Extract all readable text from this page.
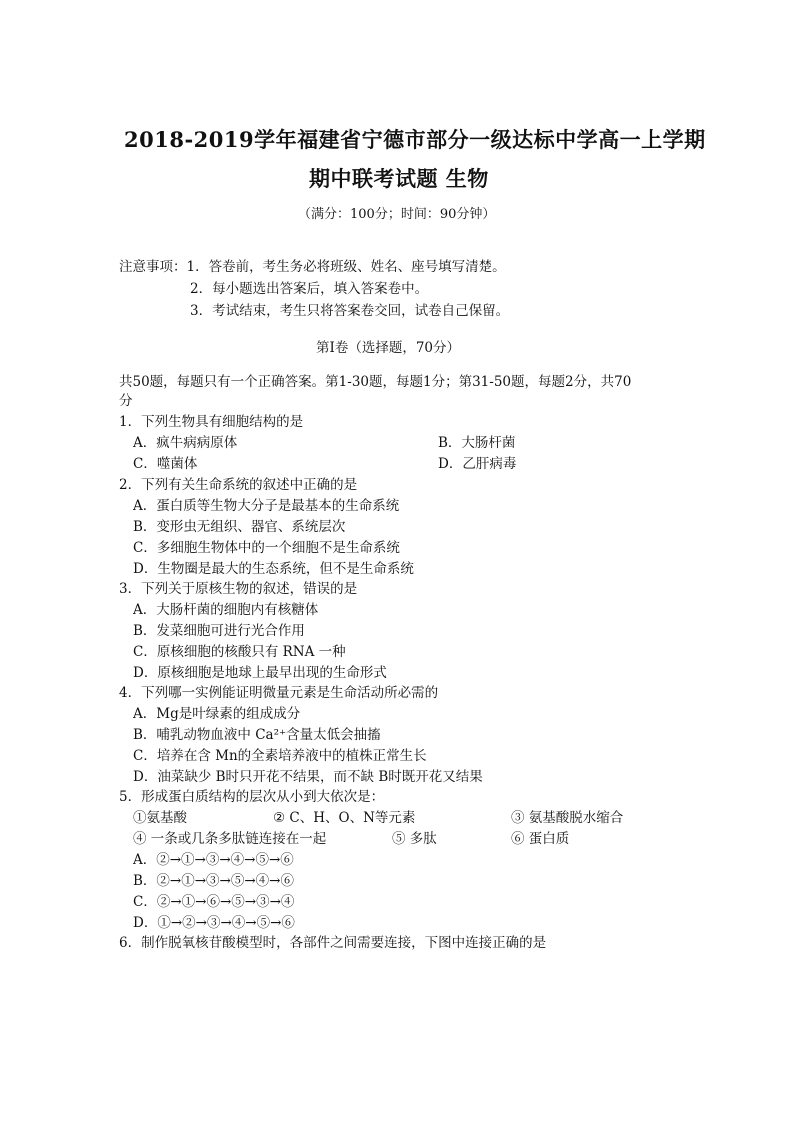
2018-2019学年福建省宁德市部分一级达标中学高一上学期
期中联考试题 生物
（满分：100分；时间：90分钟）
注意事项：1．答卷前，考生务必将班级、姓名、座号填写清楚。
2．每小题选出答案后，填入答案卷中。
3．考试结束，考生只将答案卷交回，试卷自己保留。
第Ⅰ卷（选择题，70分）
共50题，每题只有一个正确答案。第1-30题，每题1分；第31-50题，每题2分，共70
分
1．下列生物具有细胞结构的是
A．疯牛病病原体	B．大肠杆菌
C．噬菌体	D．乙肝病毒
2．下列有关生命系统的叙述中正确的是
A．蛋白质等生物大分子是最基本的生命系统
B．变形虫无组织、器官、系统层次
C．多细胞生物体中的一个细胞不是生命系统
D．生物圈是最大的生态系统，但不是生命系统
3．下列关于原核生物的叙述，错误的是
A．大肠杆菌的细胞内有核糖体
B．发菜细胞可进行光合作用
C．原核细胞的核酸只有 RNA 一种
D．原核细胞是地球上最早出现的生命形式
4．下列哪一实例能证明微量元素是生命活动所必需的
A．Mg是叶绿素的组成成分
B．哺乳动物血液中 Ca²⁺含量太低会抽搐
C．培养在含 Mn的全素培养液中的植株正常生长
D．油菜缺少 B时只开花不结果，而不缺 B时既开花又结果
5．形成蛋白质结构的层次从小到大依次是：
①氨基酸	② C、H、O、N等元素	③ 氨基酸脱水缩合
④ 一条或几条多肽链连接在一起	⑤ 多肽	⑥ 蛋白质
A．②→①→③→④→⑤→⑥
B．②→①→③→⑤→④→⑥
C．②→①→⑥→⑤→③→④
D．①→②→③→④→⑤→⑥
6．制作脱氧核苷酸模型时，各部件之间需要连接，下图中连接正确的是
